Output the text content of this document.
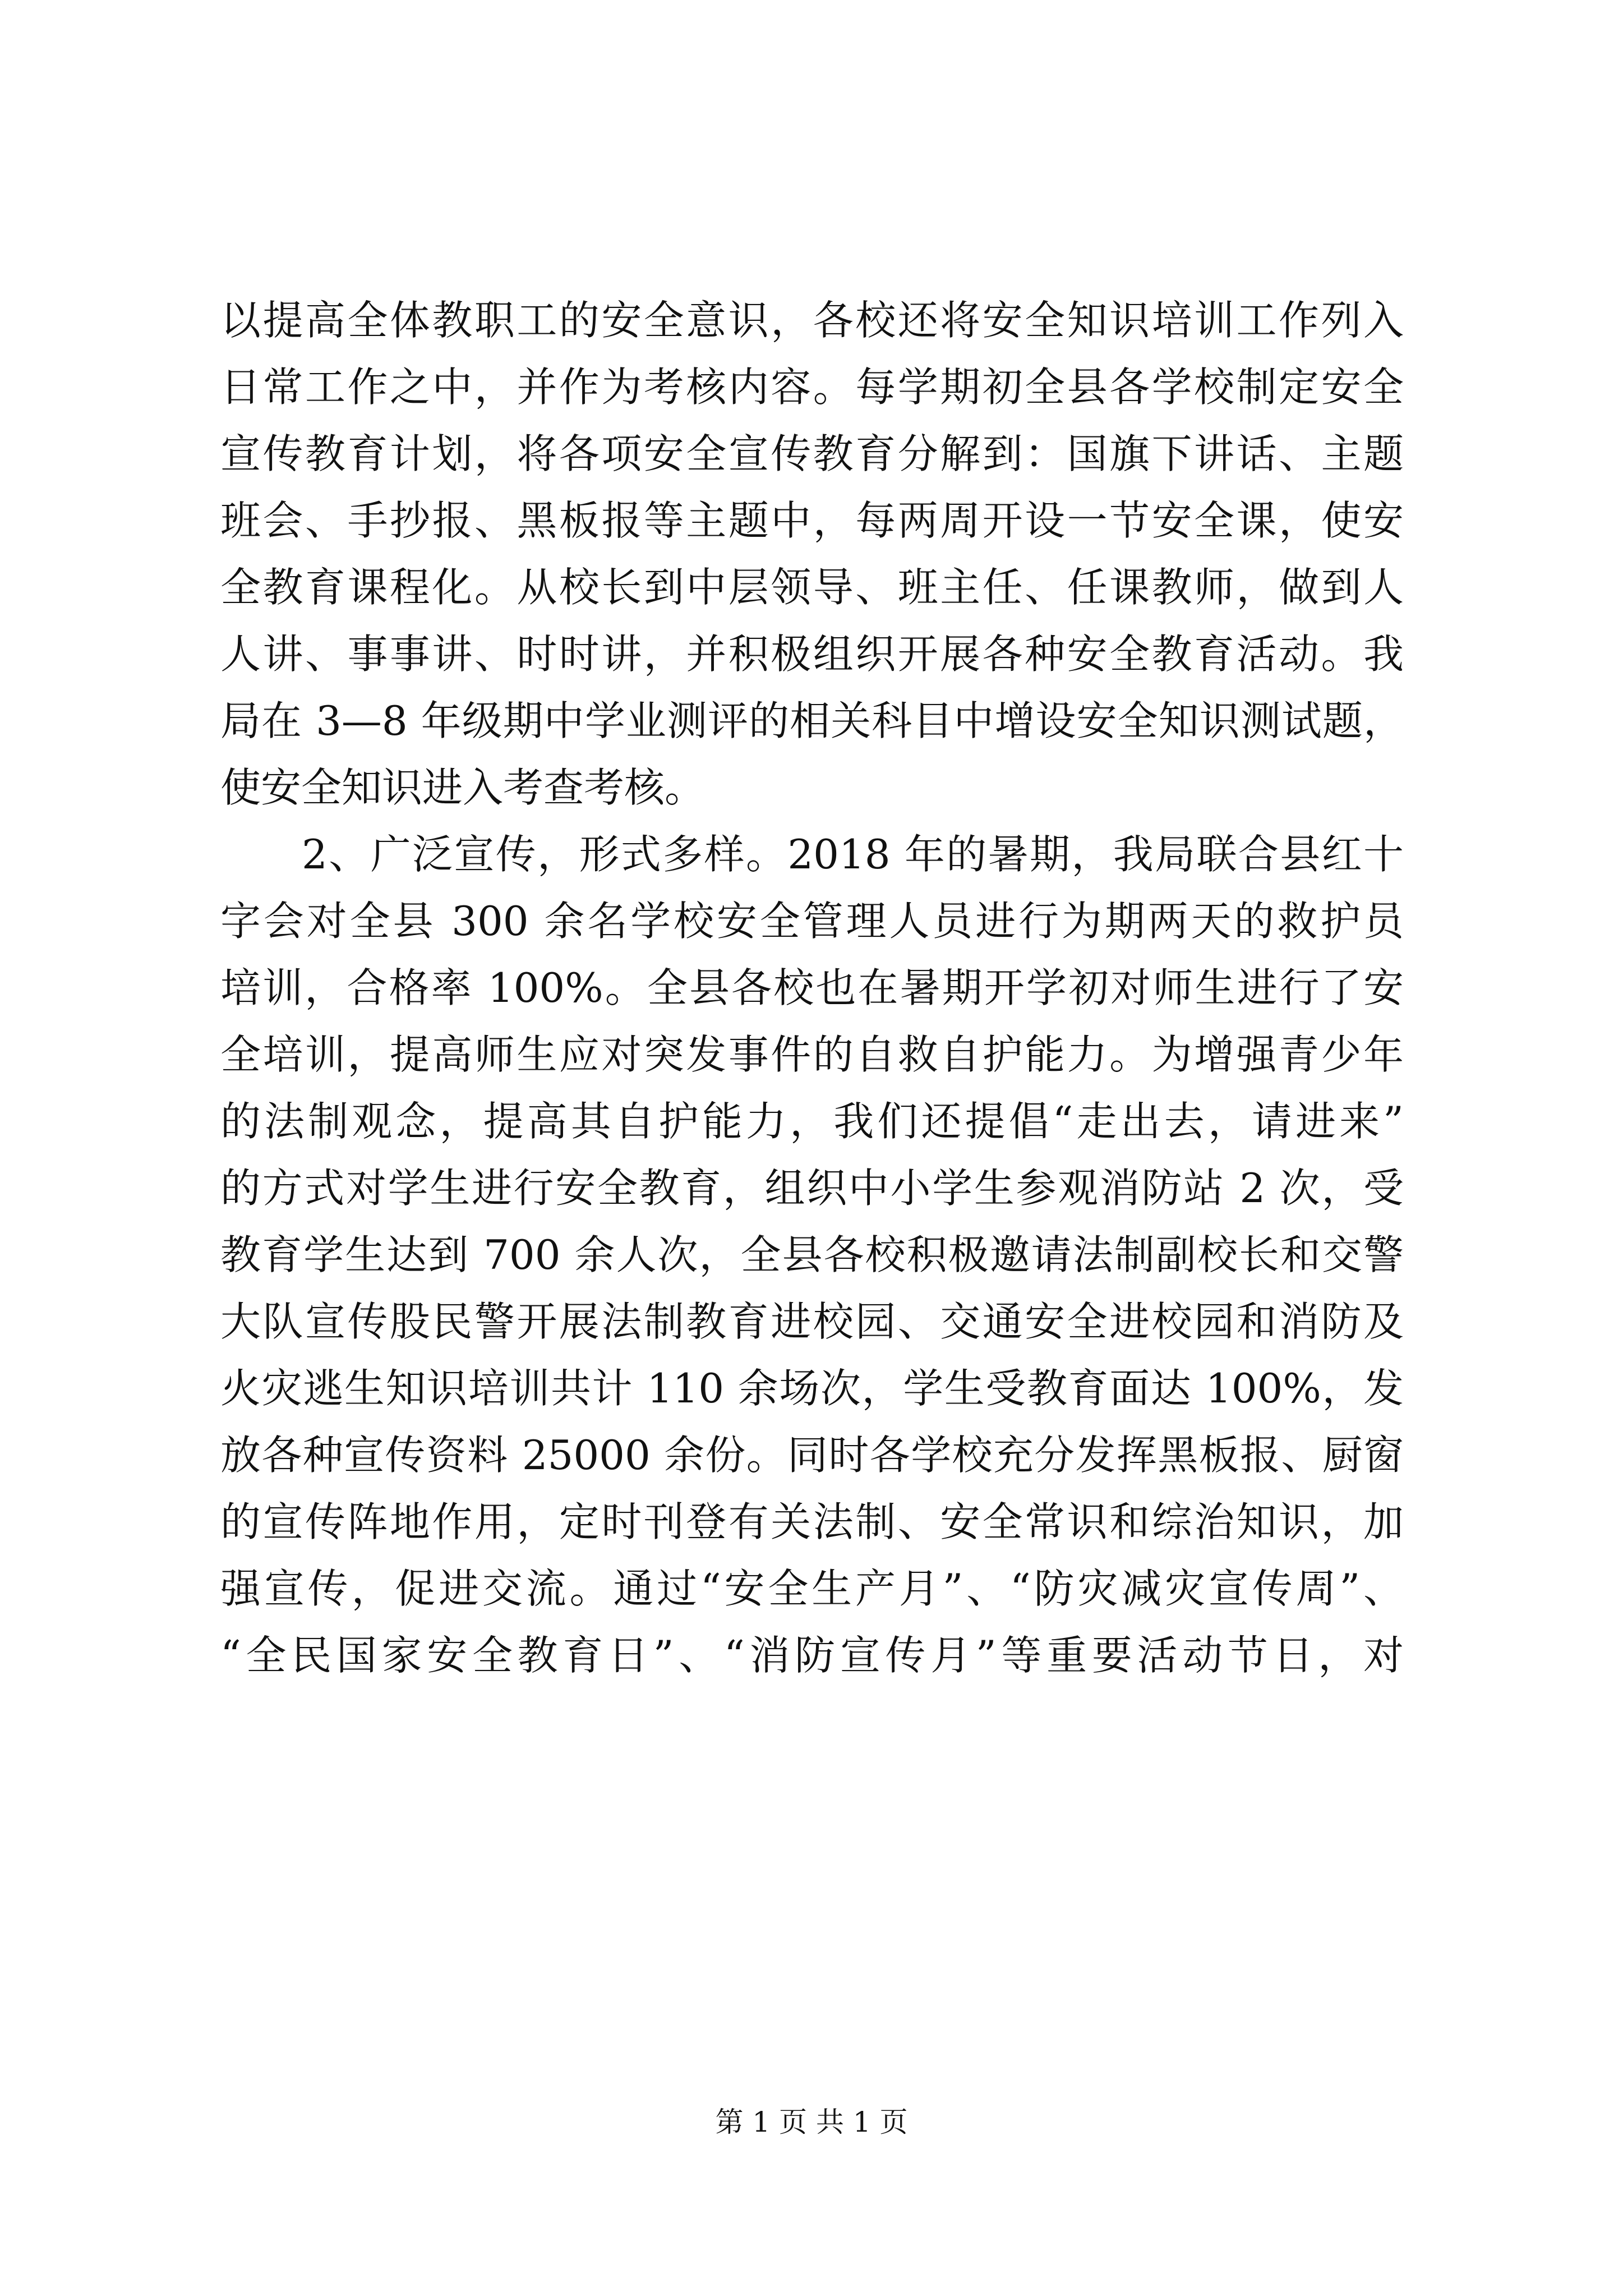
以提高全体教职工的安全意识，各校还将安全知识培训工作列入
日常工作之中，并作为考核内容。每学期初全县各学校制定安全
宣传教育计划，将各项安全宣传教育分解到：国旗下讲话、主题
班会、手抄报、黑板报等主题中，每两周开设一节安全课，使安
全教育课程化。从校长到中层领导、班主任、任课教师，做到人
人讲、事事讲、时时讲，并积极组织开展各种安全教育活动。我
局在 3—8 年级期中学业测评的相关科目中增设安全知识测试题，
使安全知识进入考查考核。
2、广泛宣传，形式多样。2018 年的暑期，我局联合县红十
字会对全县 300 余名学校安全管理人员进行为期两天的救护员
培训，合格率 100%。全县各校也在暑期开学初对师生进行了安
全培训，提高师生应对突发事件的自救自护能力。为增强青少年
的法制观念，提高其自护能力，我们还提倡“走出去，请进来”
的方式对学生进行安全教育，组织中小学生参观消防站 2 次，受
教育学生达到 700 余人次，全县各校积极邀请法制副校长和交警
大队宣传股民警开展法制教育进校园、交通安全进校园和消防及
火灾逃生知识培训共计 110 余场次，学生受教育面达 100%，发
放各种宣传资料 25000 余份。同时各学校充分发挥黑板报、厨窗
的宣传阵地作用，定时刊登有关法制、安全常识和综治知识，加
强宣传，促进交流。通过“安全生产月”、“防灾减灾宣传周”、
“全民国家安全教育日”、“消防宣传月”等重要活动节日，对
第 1 页 共 1 页
